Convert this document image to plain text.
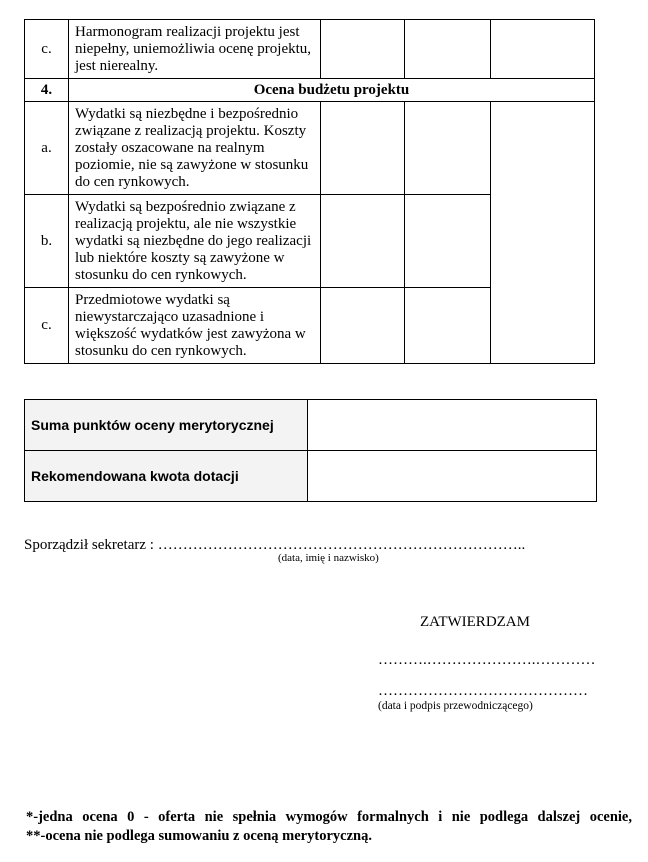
c.	Harmonogram realizacji projektu jest niepełny, uniemożliwia ocenę projektu, jest nierealny.			
4.	Ocena budżetu projektu			
a.	Wydatki są niezbędne i bezpośrednio związane z realizacją projektu. Koszty zostały oszacowane na realnym poziomie, nie są zawyżone w stosunku do cen rynkowych.			
b.	Wydatki są bezpośrednio związane z realizacją projektu, ale nie wszystkie wydatki są niezbędne do jego realizacji lub niektóre koszty są zawyżone w stosunku do cen rynkowych.			
c.	Przedmiotowe wydatki są niewystarczająco uzasadnione i większość wydatków jest zawyżona w stosunku do cen rynkowych.			
Suma punktów oceny merytorycznej	
Rekomendowana kwota dotacji	
Sporządził sekretarz : ………………………………………………………………..
(data, imię i nazwisko)
ZATWIERDZAM
……….………………….…………
……………………………………
(data i podpis przewodniczącego)
*-jedna ocena 0 - oferta nie spełnia wymogów formalnych i nie podlega dalszej ocenie,
**-ocena nie podlega sumowaniu z oceną merytoryczną.
